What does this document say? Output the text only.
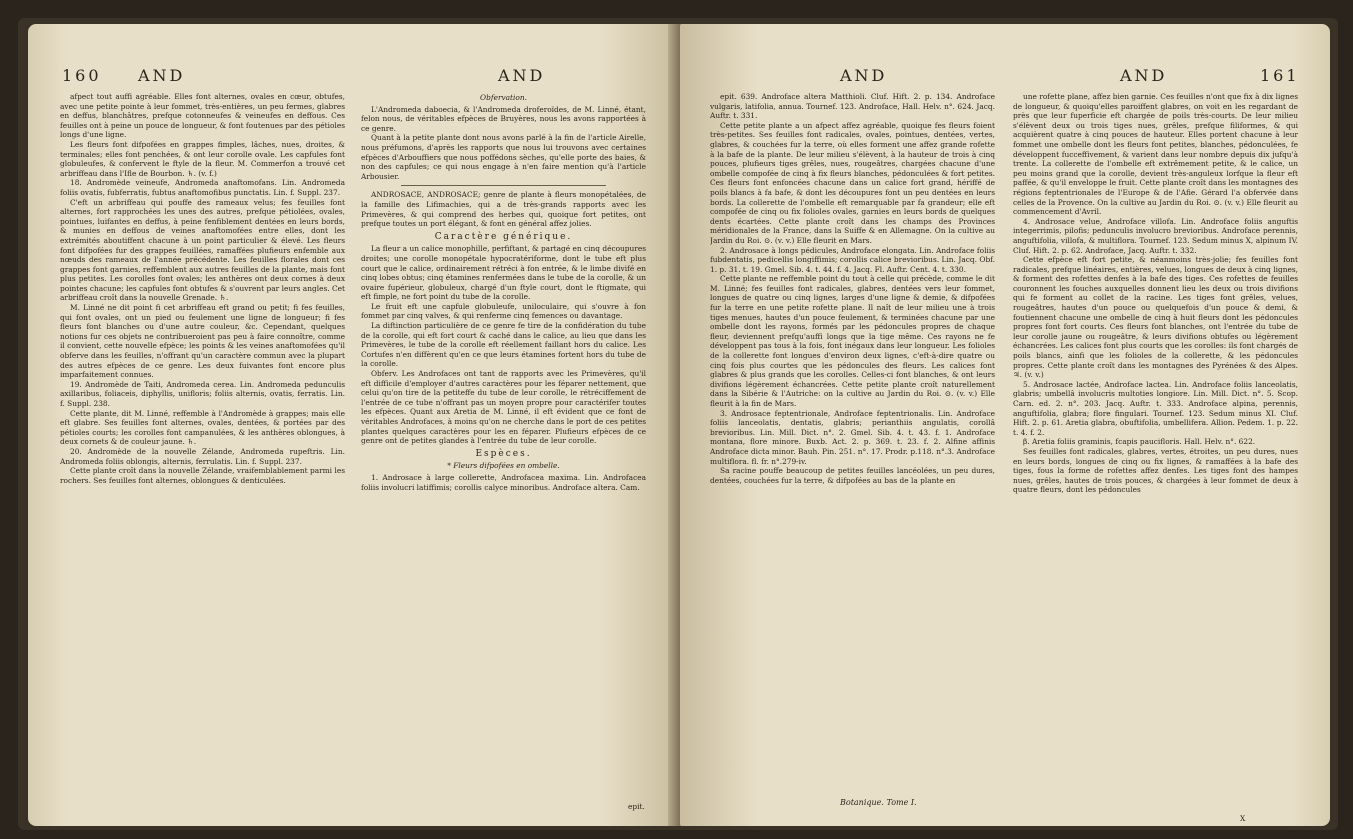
160 AND	AND

afpect tout auffi agréable. Elles font alternes, ovales en cœur, obtufes, avec une petite pointe à leur fommet, très-entières, un peu fermes, glabres en deffus, blanchâtres, prefque cotonneufes & veineufes en deffous. Ces feuilles ont à peine un pouce de longueur, & font foutenues par des pétioles longs d'une ligne.

Les fleurs font difpofées en grappes fimples, lâches, nues, droites, & terminales; elles font penchées, & ont leur corolle ovale. Les capfules font globuleufes, & confervent le ftyle de la fleur. M. Commerfon a trouvé cet arbriffeau dans l'Ifle de Bourbon. ♄. (v. f.)

18. Andromède veineufe, Andromeda anaftomofans. Lin. Andromeda foliis ovatis, fubferratis, fubtus anaftomofibus punctatis. Lin. f. Suppl. 237.

C'eft un arbriffeau qui pouffe des rameaux velus; fes feuilles font alternes, fort rapprochées les unes des autres, prefque pétiolées, ovales, pointues, luifantes en deffus, à peine fenfiblement dentées en leurs bords, & munies en deffous de veines anaftomofées entre elles, dont les extrémités aboutiffent chacune à un point particulier & élevé. Les fleurs font difpofées fur des grappes feuillées, ramaffées plufieurs enfemble aux nœuds des rameaux de l'année précédente. Les feuilles florales dont ces grappes font garnies, reffemblent aux autres feuilles de la plante, mais font plus petites. Les corolles font ovales; les anthères ont deux cornes à deux pointes chacune; les capfules font obtufes & s'ouvrent par leurs angles. Cet arbriffeau croît dans la nouvelle Grenade. ♄.

M. Linné ne dit point fi cet arbriffeau eft grand ou petit; fi fes feuilles, qui font ovales, ont un pied ou feulement une ligne de longueur; fi fes fleurs font blanches ou d'une autre couleur, &c. Cependant, quelques notions fur ces objets ne contribueroient pas peu à faire connoître, comme il convient, cette nouvelle efpèce; les points & les veines anaftomofées qu'il obferve dans les feuilles, n'offrant qu'un caractère commun avec la plupart des autres efpèces de ce genre. Les deux fuivantes font encore plus imparfaitement connues.

19. Andromède de Taiti, Andromeda cerea. Lin. Andromeda pedunculis axillaribus, foliaceis, diphyllis, unifloris; foliis alternis, ovatis, ferratis. Lin. f. Suppl. 238.

Cette plante, dit M. Linné, reffemble à l'Andromède à grappes; mais elle eft glabre. Ses feuilles font alternes, ovales, dentées, & portées par des pétioles courts; les corolles font campanulées, & les anthères oblongues, à deux cornets & de couleur jaune. ♄.

20. Andromède de la nouvelle Zélande, Andromeda rupeftris. Lin. Andromeda foliis oblongis, alternis, ferrulatis. Lin. f. Suppl. 237.

Cette plante croît dans la nouvelle Zélande, vraifemblablement parmi les rochers. Ses feuilles font alternes, oblongues & denticulées.

Obfervation.

L'Andromeda daboecia, & l'Andromeda droferoïdes, de M. Linné, étant, felon nous, de véritables efpèces de Bruyères, nous les avons rapportées à ce genre.

Quant à la petite plante dont nous avons parlé à la fin de l'article Airelle, nous préfumons, d'après les rapports que nous lui trouvons avec certaines efpèces d'Arbouffiers que nous poffédons sèches, qu'elle porte des baies, & non des capfules; ce qui nous engage à n'en faire mention qu'à l'article Arbousier.

ANDROSACE, ANDROSACE; genre de plante à fleurs monopétalées, de la famille des Lifimachies, qui a de très-grands rapports avec les Primevères, & qui comprend des herbes qui, quoique fort petites, ont prefque toutes un port élégant, & font en général affez jolies.

Caractère générique.

La fleur a un calice monophille, perfiftant, & partagé en cinq découpures droites; une corolle monopétale hypocratériforme, dont le tube eft plus court que le calice, ordinairement rétréci à fon entrée, & le limbe divifé en cinq lobes obtus; cinq étamines renfermées dans le tube de la corolle, & un ovaire fupérieur, globuleux, chargé d'un ftyle court, dont le ftigmate, qui eft fimple, ne fort point du tube de la corolle.

Le fruit eft une capfule globuleufe, uniloculaire, qui s'ouvre à fon fommet par cinq valves, & qui renferme cinq femences ou davantage.

La diftinction particulière de ce genre fe tire de la confidération du tube de la corolle, qui eft fort court & caché dans le calice, au lieu que dans les Primevères, le tube de la corolle eft réellement faillant hors du calice. Les Cortufes n'en diffèrent qu'en ce que leurs étamines fortent hors du tube de la corolle.

Obferv. Les Androfaces ont tant de rapports avec les Primevères, qu'il eft difficile d'employer d'autres caractères pour les féparer nettement, que celui qu'on tire de la petiteffe du tube de leur corolle, le rétréciffement de l'entrée de ce tube n'offrant pas un moyen propre pour caractérifer toutes les efpèces. Quant aux Aretia de M. Linné, il eft évident que ce font de véritables Androfaces, à moins qu'on ne cherche dans le port de ces petites plantes quelques caractères pour les en féparer. Plufieurs efpèces de ce genre ont de petites glandes à l'entrée du tube de leur corolle.

Espèces.

* Fleurs difpofées en ombelle.

1. Androsace à large collerette, Androfacea maxima. Lin. Androfacea foliis involucri latiffimis; corollis calyce minoribus. Androface altera. Cam.

epit.
AND	AND	161

epit. 639. Androface altera Matthioli. Cluf. Hift. 2. p. 134. Androface vulgaris, latifolia, annua. Tournef. 123. Androface, Hall. Helv. n°. 624. Jacq. Auftr. t. 331.

Cette petite plante a un afpect affez agréable, quoique fes fleurs foient très-petites. Ses feuilles font radicales, ovales, pointues, dentées, vertes, glabres, & couchées fur la terre, où elles forment une affez grande rofette à la bafe de la plante. De leur milieu s'élèvent, à la hauteur de trois à cinq pouces, plufieurs tiges grêles, nues, rougeâtres, chargées chacune d'une ombelle compofée de cinq à fix fleurs blanches, pédonculées & fort petites. Ces fleurs font enfoncées chacune dans un calice fort grand, hériffé de poils blancs à fa bafe, & dont les découpures font un peu dentées en leurs bords. La collerette de l'ombelle eft remarquable par fa grandeur; elle eft compofée de cinq ou fix folioles ovales, garnies en leurs bords de quelques dents écartées. Cette plante croît dans les champs des Provinces méridionales de la France, dans la Suiffe & en Allemagne. On la cultive au Jardin du Roi. ⊙. (v. v.) Elle fleurit en Mars.

2. Androsace à longs pédicules, Androface elongata. Lin. Androface foliis fubdentatis, pedicellis longiffimis; corollis calice brevioribus. Lin. Jacq. Obf. 1. p. 31. t. 19. Gmel. Sib. 4. t. 44. f. 4. Jacq. Fl. Auftr. Cent. 4. t. 330.

Cette plante ne reffemble point du tout à celle qui précède, comme le dit M. Linné; fes feuilles font radicales, glabres, dentées vers leur fommet, longues de quatre ou cinq lignes, larges d'une ligne & demie, & difpofées fur la terre en une petite rofette plane. Il naît de leur milieu une à trois tiges menues, hautes d'un pouce feulement, & terminées chacune par une ombelle dont les rayons, formés par les pédoncules propres de chaque fleur, deviennent prefqu'auffi longs que la tige même. Ces rayons ne fe développent pas tous à la fois, font inégaux dans leur longueur. Les folioles de la collerette font longues d'environ deux lignes, c'eft-à-dire quatre ou cinq fois plus courtes que les pédoncules des fleurs. Les calices font glabres & plus grands que les corolles. Celles-ci font blanches, & ont leurs divifions légèrement échancrées. Cette petite plante croît naturellement dans la Sibérie & l'Autriche: on la cultive au Jardin du Roi. ⊙. (v. v.) Elle fleurit à la fin de Mars.

3. Androsace feptentrionale, Androface feptentrionalis. Lin. Androface foliis lanceolatis, dentatis, glabris; perianthiis angulatis, corollâ brevioribus. Lin. Mill. Dict. n°. 2. Gmel. Sib. 4. t. 43. f. 1. Androface montana, flore minore. Buxb. Act. 2. p. 369. t. 23. f. 2. Alfine affinis Androface dicta minor. Bauh. Pin. 251. n°. 17. Prodr. p.118. n°.3. Androface multiflora. fl. fr. n°.279-iv.

Sa racine pouffe beaucoup de petites feuilles lancéolées, un peu dures, dentées, couchées fur la terre, & difpofées au bas de la plante en

Botanique. Tome I.

une rofette plane, affez bien garnie. Ces feuilles n'ont que fix à dix lignes de longueur, & quoiqu'elles paroiffent glabres, on voit en les regardant de près que leur fuperficie eft chargée de poils très-courts. De leur milieu s'élèvent deux ou trois tiges nues, grêles, prefque filiformes, & qui acquièrent quatre à cinq pouces de hauteur. Elles portent chacune à leur fommet une ombelle dont les fleurs font petites, blanches, pédonculées, fe développent fucceffivement, & varient dans leur nombre depuis dix jufqu'à trente. La collerette de l'ombelle eft extrêmement petite, & le calice, un peu moins grand que la corolle, devient très-anguleux lorfque la fleur eft paffée, & qu'il enveloppe le fruit. Cette plante croît dans les montagnes des régions feptentrionales de l'Europe & de l'Afie. Gérard l'a obfervée dans celles de la Provence. On la cultive au Jardin du Roi. ⊙. (v. v.) Elle fleurit au commencement d'Avril.

4. Androsace velue, Androface villofa. Lin. Androface foliis anguftis integerrimis, pilofis; pedunculis involucro brevioribus. Androface perennis, anguftifolia, villofa, & multiflora. Tournef. 123. Sedum minus X, alpinum IV. Cluf. Hift. 2. p. 62. Androface, Jacq. Auftr. t. 332.

Cette efpèce eft fort petite, & néanmoins très-jolie; fes feuilles font radicales, prefque linéaires, entières, velues, longues de deux à cinq lignes, & forment des rofettes denfes à la bafe des tiges. Ces rofettes de feuilles couronnent les fouches auxquelles donnent lieu les deux ou trois divifions qui fe forment au collet de la racine. Les tiges font grêles, velues, rougeâtres, hautes d'un pouce ou quelquefois d'un pouce & demi, & foutiennent chacune une ombelle de cinq à huit fleurs dont les pédoncules propres font fort courts. Ces fleurs font blanches, ont l'entrée du tube de leur corolle jaune ou rougeâtre, & leurs divifions obtufes ou légèrement échancrées. Les calices font plus courts que les corolles: ils font chargés de poils blancs, ainfi que les folioles de la collerette, & les pédoncules propres. Cette plante croît dans les montagnes des Pyrénées & des Alpes. ♃. (v. v.)

5. Androsace lactée, Androface lactea. Lin. Androface foliis lanceolatis, glabris; umbellâ involucris multoties longiore. Lin. Mill. Dict. n°. 5. Scop. Carn. ed. 2. n°. 203. Jacq. Auftr. t. 333. Androface alpina, perennis, anguftifolia, glabra; flore fingulari. Tournef. 123. Sedum minus XI. Cluf. Hift. 2. p. 61. Aretia glabra, obuftifolia, umbellifera. Allion. Pedem. 1. p. 22. t. 4. f. 2.

β. Aretia foliis graminis, fcapis paucifloris. Hall. Helv. n°. 622.

Ses feuilles font radicales, glabres, vertes, étroites, un peu dures, nues en leurs bords, longues de cinq ou fix lignes, & ramaffées à la bafe des tiges, fous la forme de rofettes affez denfes. Les tiges font des hampes nues, grêles, hautes de trois pouces, & chargées à leur fommet de deux à quatre fleurs, dont les pédoncules

X
